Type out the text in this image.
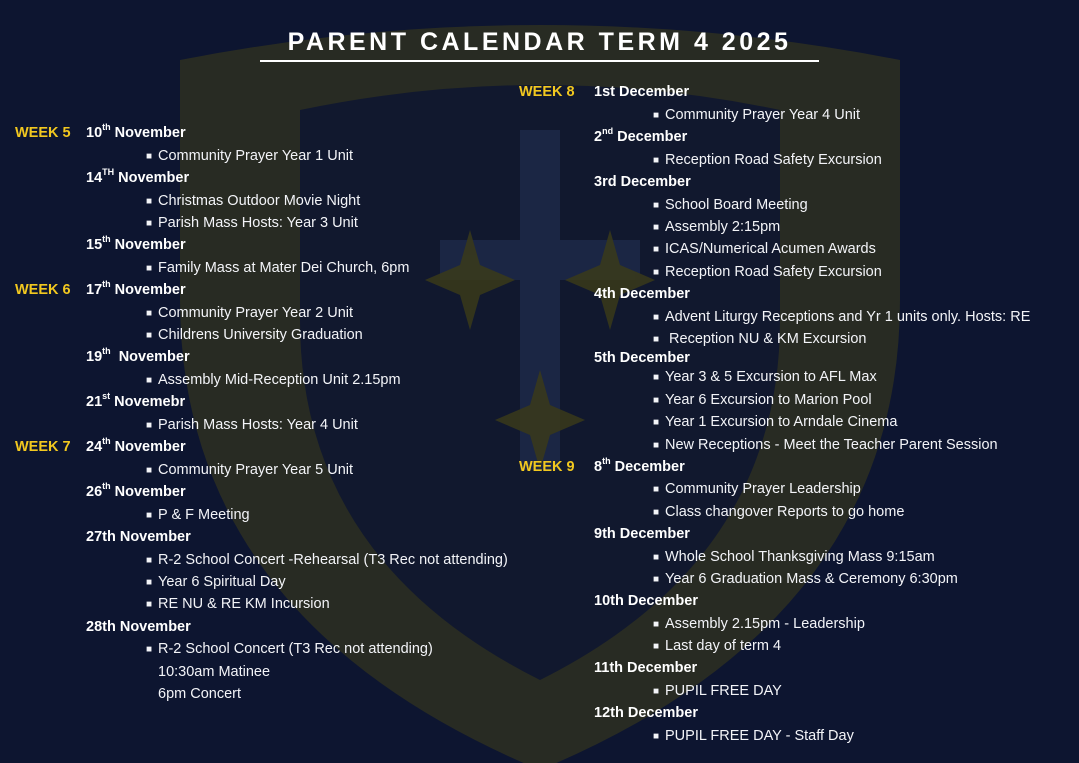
PARENT CALENDAR TERM 4 2025
WEEK 5 10th November
■ Community Prayer Year 1 Unit
14TH November
■ Christmas Outdoor Movie Night
■ Parish Mass Hosts: Year 3 Unit
15th November
■ Family Mass at Mater Dei Church, 6pm
WEEK 6 17th November
■ Community Prayer Year 2 Unit
■ Childrens University Graduation
19th  November
■ Assembly Mid-Reception Unit 2.15pm
21st Novemebr
■ Parish Mass Hosts: Year 4 Unit
WEEK 7 24th November
■ Community Prayer Year 5 Unit
26th November
■ P & F Meeting
27th November
■ R-2 School Concert -Rehearsal (T3 Rec not attending)
■ Year 6 Spiritual Day
■ RE NU & RE KM Incursion
28th November
■ R-2 School Concert (T3 Rec not attending)
10:30am Matinee
6pm Concert
WEEK 8 1st December
■ Community Prayer Year 4 Unit
2nd December
■ Reception Road Safety Excursion
3rd December
■ School Board Meeting
■ Assembly 2:15pm
■ ICAS/Numerical Acumen Awards
■ Reception Road Safety Excursion
4th December
■ Advent Liturgy Receptions and Yr 1 units only. Hosts: RE
■ Reception NU & KM Excursion
5th December
■ Year 3 & 5 Excursion to AFL Max
■ Year 6 Excursion to Marion Pool
■ Year 1 Excursion to Arndale Cinema
■ New Receptions - Meet the Teacher Parent Session
WEEK 9 8th December
■ Community Prayer Leadership
■ Class changover Reports to go home
9th December
■ Whole School Thanksgiving Mass 9:15am
■ Year 6 Graduation Mass & Ceremony 6:30pm
10th December
■ Assembly 2.15pm - Leadership
■ Last day of term 4
11th December
■ PUPIL FREE DAY
12th December
■ PUPIL FREE DAY - Staff Day
